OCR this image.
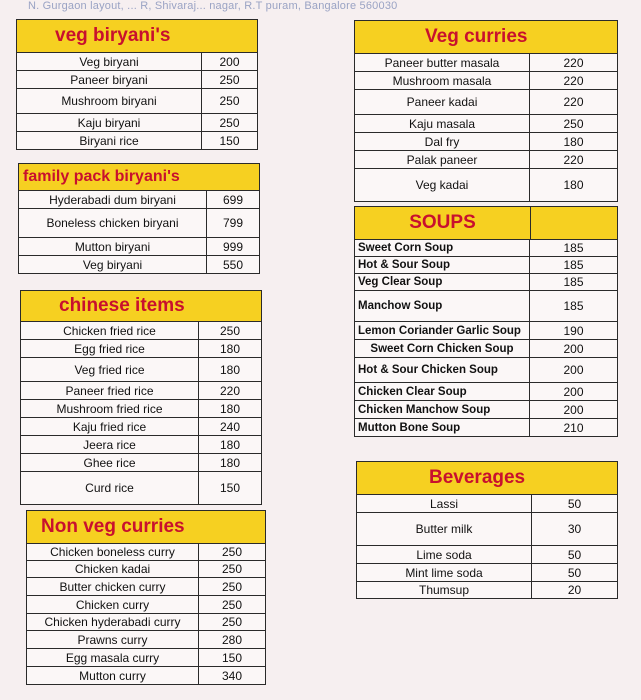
N. Gurgaon layout, ... R, Shivaraj... nagar, R.T puram, Bangalore 560030
veg biryani's
Veg biryani	200
Paneer biryani	250
Mushroom biryani	250
Kaju biryani	250
Biryani rice	150
family pack biryani's
Hyderabadi dum biryani	699
Boneless chicken biryani	799
Mutton biryani	999
Veg biryani	550
chinese items
Chicken fried rice	250
Egg fried rice	180
Veg fried rice	180
Paneer fried rice	220
Mushroom fried rice	180
Kaju fried rice	240
Jeera rice	180
Ghee rice	180
Curd rice	150
Non veg curries
Chicken boneless curry	250
Chicken kadai	250
Butter chicken curry	250
Chicken curry	250
Chicken hyderabadi curry	250
Prawns curry	280
Egg masala curry	150
Mutton curry	340
Veg curries
Paneer butter masala	220
Mushroom masala	220
Paneer kadai	220
Kaju masala	250
Dal fry	180
Palak paneer	220
Veg kadai	180
SOUPS
Sweet Corn Soup	185
Hot & Sour Soup	185
Veg Clear Soup	185
Manchow Soup	185
Lemon Coriander Garlic Soup	190
Sweet Corn Chicken Soup	200
Hot & Sour Chicken Soup	200
Chicken Clear Soup	200
Chicken Manchow Soup	200
Mutton Bone Soup	210
Beverages
Lassi	50
Butter milk	30
Lime soda	50
Mint lime soda	50
Thumsup	20
